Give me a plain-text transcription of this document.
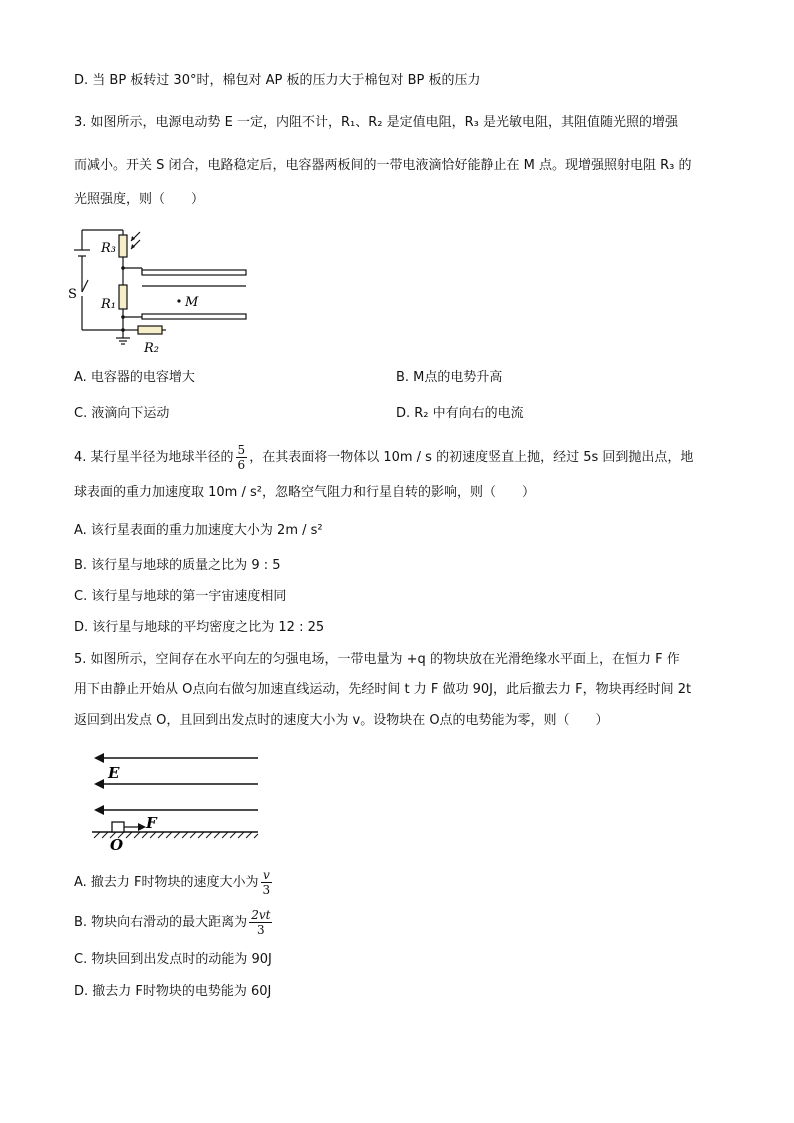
D. 当 BP 板转过 30°时，棉包对 AP 板的压力大于棉包对 BP 板的压力
3. 如图所示，电源电动势 E 一定，内阻不计，R₁、R₂ 是定值电阻，R₃ 是光敏电阻，其阻值随光照的增强
而减小。开关 S 闭合，电路稳定后，电容器两板间的一带电液滴恰好能静止在 M 点。现增强照射电阻 R₃ 的
光照强度，则（　　）
R₃
S
M
R₁
R₂
A. 电容器的电容增大	B. M点的电势升高
C. 液滴向下运动	D. R₂ 中有向右的电流
4. 某行星半径为地球半径的 $\frac{5}{6}$ ，在其表面将一物体以 10m / s 的初速度竖直上抛，经过 5s 回到抛出点，地
球表面的重力加速度取 10m / s²，忽略空气阻力和行星自转的影响，则（　　）
A. 该行星表面的重力加速度大小为 2m / s²
B. 该行星与地球的质量之比为 9 : 5
C. 该行星与地球的第一宇宙速度相同
D. 该行星与地球的平均密度之比为 12 : 25
5. 如图所示，空间存在水平向左的匀强电场，一带电量为 +q 的物块放在光滑绝缘水平面上，在恒力 F 作
用下由静止开始从 O点向右做匀加速直线运动，先经时间 t 力 F 做功 90J，此后撤去力 F，物块再经时间 2t
返回到出发点 O，且回到出发点时的速度大小为 v。设物块在 O点的电势能为零，则（　　）
E
F
O
A. 撤去力 F时物块的速度大小为 $\frac{v}{3}$
B. 物块向右滑动的最大距离为 $\frac{2vt}{3}$
C. 物块回到出发点时的动能为 90J
D. 撤去力 F时物块的电势能为 60J
